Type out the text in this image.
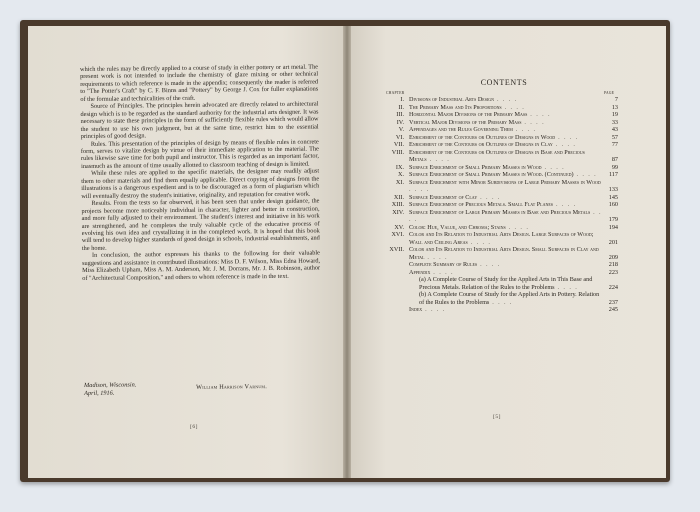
which the rules may be directly applied to a course of study in either pottery or art metal. The present work is not intended to include the chemistry of glaze mixing or other technical requirements to which reference is made in the appendix; consequently the reader is referred to "The Potter's Craft" by C. F. Binns and "Pottery" by George J. Cox for fuller explanations of the formulae and technicalities of the craft.

Source of Principles. The principles herein advocated are directly related to architectural design which is to be regarded as the standard authority for the industrial arts designer. It was necessary to state these principles in the form of sufficiently flexible rules which would allow the student to use his own judgment, but at the same time, restrict him to the essential principles of good design.

Rules. This presentation of the principles of design by means of flexible rules in concrete form, serves to vitalize design by virtue of their immediate application to the material. The rules likewise save time for both pupil and instructor. This is regarded as an important factor, inasmuch as the amount of time usually allotted to classroom teaching of design is limited.

While these rules are applied to the specific materials, the designer may readily adjust them to other materials and find them equally applicable. Direct copying of designs from the illustrations is a dangerous expedient and is to be discouraged as a form of plagiarism which will eventually destroy the student's initiative, originality, and reputation for creative work.

Results. From the tests so far observed, it has been seen that under design guidance, the projects become more noticeably individual in character, lighter and better in construction, and more fully adjusted to their environment. The student's interest and initiative in his work are strengthened, and he completes the truly valuable cycle of the educative process of evolving his own idea and crystallizing it in the completed work. It is hoped that this book will tend to develop higher standards of good design in schools, industrial establishments, and the home.

In conclusion, the author expresses his thanks to the following for their valuable suggestions and assistance in contributed illustrations: Miss D. F. Wilson, Miss Edna Howard, Miss Elizabeth Upham, Miss A. M. Anderson, Mr. J. M. Dorrans, Mr. J. B. Robinson, author of "Architectural Composition," and others to whom reference is made in the text.

Madison, Wisconsin.
April, 1916.
William Harrison Varnum.
[6]
CONTENTS
CHAPTER	PAGE
I. Divisions of Industrial Arts Design . . . .	7
II. The Primary Mass and Its Proportions . . . .	13
III. Horizontal Major Divisions of the Primary Mass . . . .	19
IV. Vertical Major Divisions of the Primary Mass . . . .	33
V. Appendages and the Rules Governing Them . . . .	43
VI. Enrichment of the Contours or Outlines of Designs in Wood . . . .	57
VII. Enrichment of the Contours or Outlines of Designs in Clay . . . .	77
VIII. Enrichment of the Contours or Outlines of Designs in Base and Precious Metals . . . .	87
IX. Surface Enrichment of Small Primary Masses in Wood . . . .	99
X. Surface Enrichment of Small Primary Masses in Wood. (Continued) . . . .	117
XI. Surface Enrichment with Minor Subdivisions of Large Primary Masses in Wood . . . .	133
XII. Surface Enrichment of Clay . . . .	145
XIII. Surface Enrichment of Precious Metals. Small Flat Planes . . . .	160
XIV. Surface Enrichment of Large Primary Masses in Base and Precious Metals . . . .	179
XV. Color: Hue, Value, and Chroma; Stains . . . .	194
XVI. Color and Its Relation to Industrial Arts Design. Large Surfaces of Wood; Wall and Ceiling Areas . . . .	201
XVII. Color and Its Relation to Industrial Arts Design. Small Surfaces in Clay and Metal . . . .	209
Complete Summary of Rules . . . .	218
Appendix . . . .	223
(a) A Complete Course of Study for the Applied Arts in This Base and Precious Metals. Relation of the Rules to the Problems . . . .	224
(b) A Complete Course of Study for the Applied Arts in Pottery. Relation of the Rules to the Problems . . . .	237
Index . . . .	245
[5]
